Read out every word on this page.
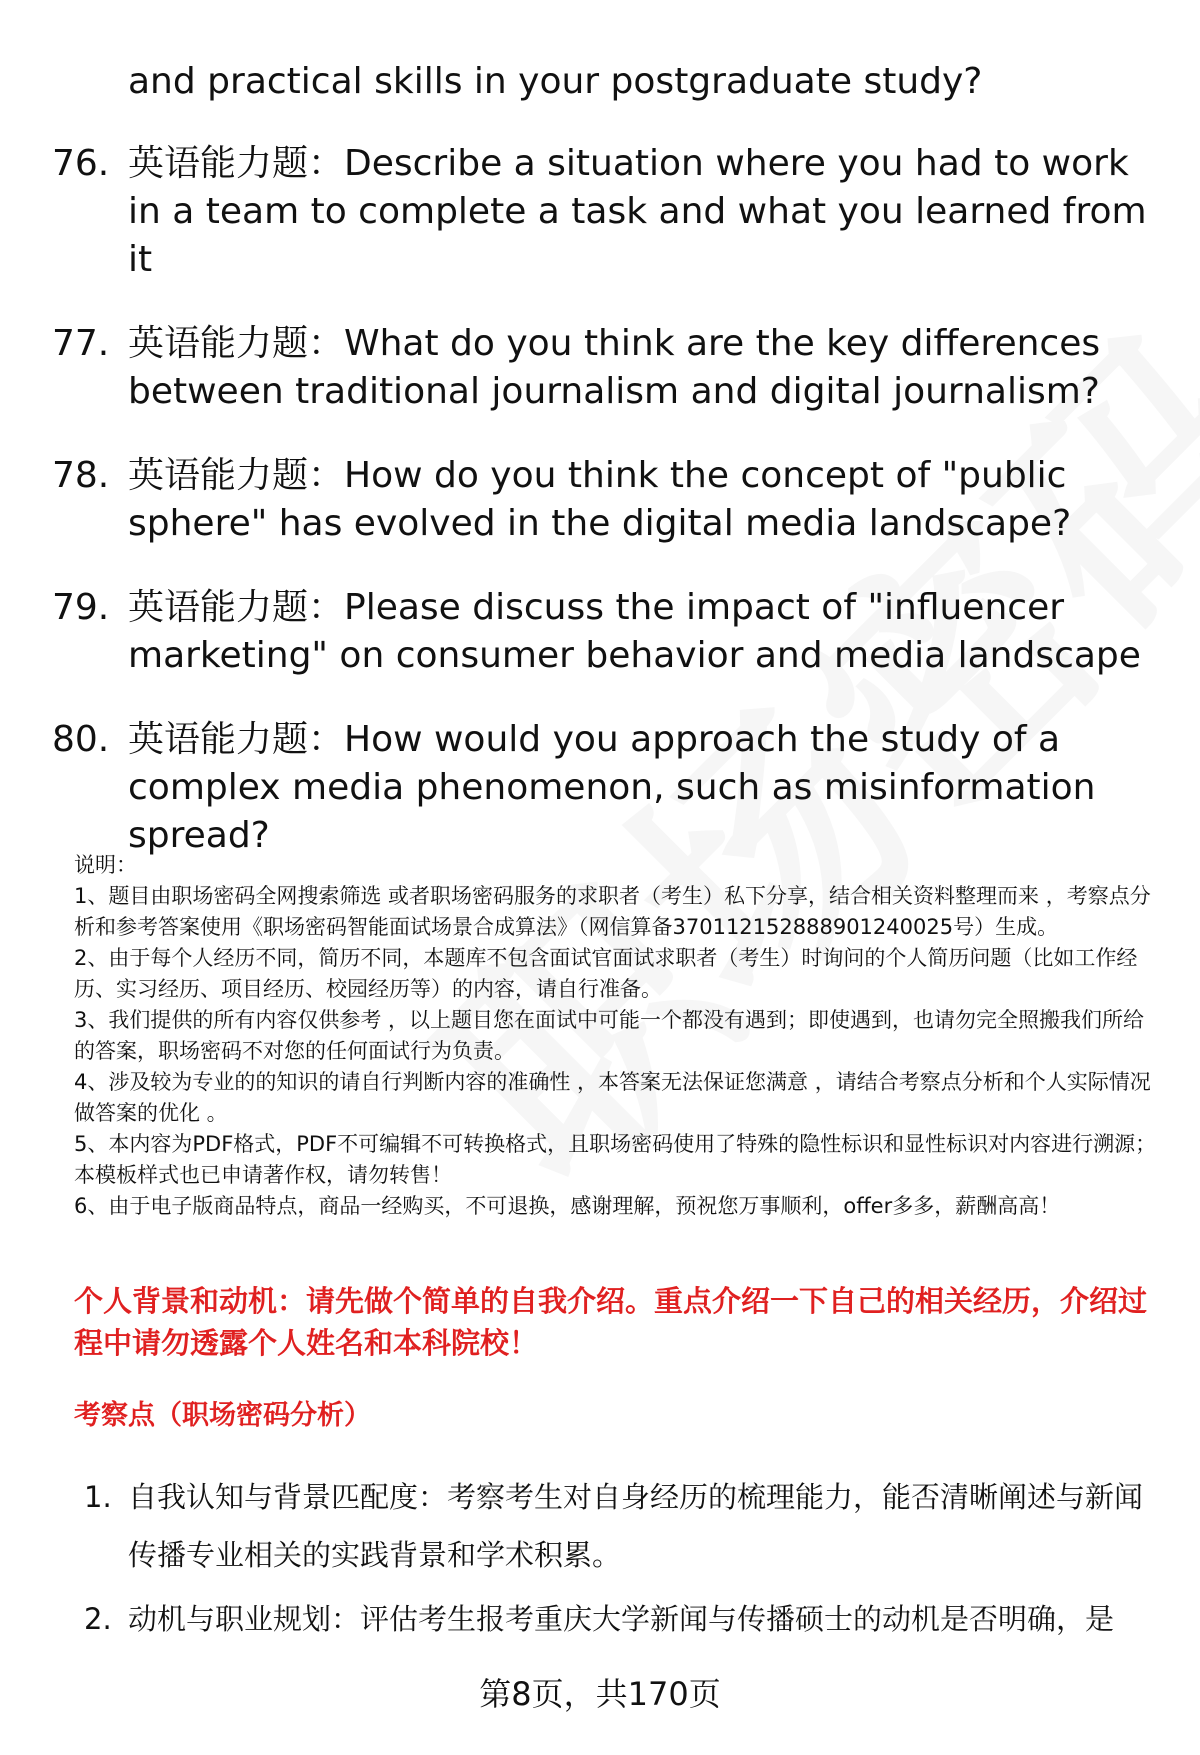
and practical skills in your postgraduate study?

76. 英语能力题：Describe a situation where you had to work in a team to complete a task and what you learned from it
77. 英语能力题：What do you think are the key differences between traditional journalism and digital journalism?
78. 英语能力题：How do you think the concept of "public sphere" has evolved in the digital media landscape?
79. 英语能力题：Please discuss the impact of "influencer marketing" on consumer behavior and media landscape
80. 英语能力题：How would you approach the study of a complex media phenomenon, such as misinformation spread?

说明：

1、题目由职场密码全网搜索筛选 或者职场密码服务的求职者（考生）私下分享，结合相关资料整理而来 ，考察点分析和参考答案使用《职场密码智能面试场景合成算法》（网信算备370112152888901240025号）生成。

2、由于每个人经历不同，简历不同，本题库不包含面试官面试求职者（考生）时询问的个人简历问题（比如工作经历、实习经历、项目经历、校园经历等）的内容，请自行准备。

3、我们提供的所有内容仅供参考 ，以上题目您在面试中可能一个都没有遇到；即使遇到，也请勿完全照搬我们所给的答案，职场密码不对您的任何面试行为负责。

4、涉及较为专业的的知识的请自行判断内容的准确性 ，本答案无法保证您满意 ，请结合考察点分析和个人实际情况做答案的优化 。

5、本内容为PDF格式，PDF不可编辑不可转换格式，且职场密码使用了特殊的隐性标识和显性标识对内容进行溯源；本模板样式也已申请著作权，请勿转售！

6、由于电子版商品特点，商品一经购买，不可退换，感谢理解，预祝您万事顺利，offer多多，薪酬高高！

个人背景和动机：请先做个简单的自我介绍。重点介绍一下自己的相关经历，介绍过程中请勿透露个人姓名和本科院校！

考察点（职场密码分析）

1. 自我认知与背景匹配度：考察考生对自身经历的梳理能力，能否清晰阐述与新闻传播专业相关的实践背景和学术积累。
2. 动机与职业规划：评估考生报考重庆大学新闻与传播硕士的动机是否明确，是
第8页，共170页
